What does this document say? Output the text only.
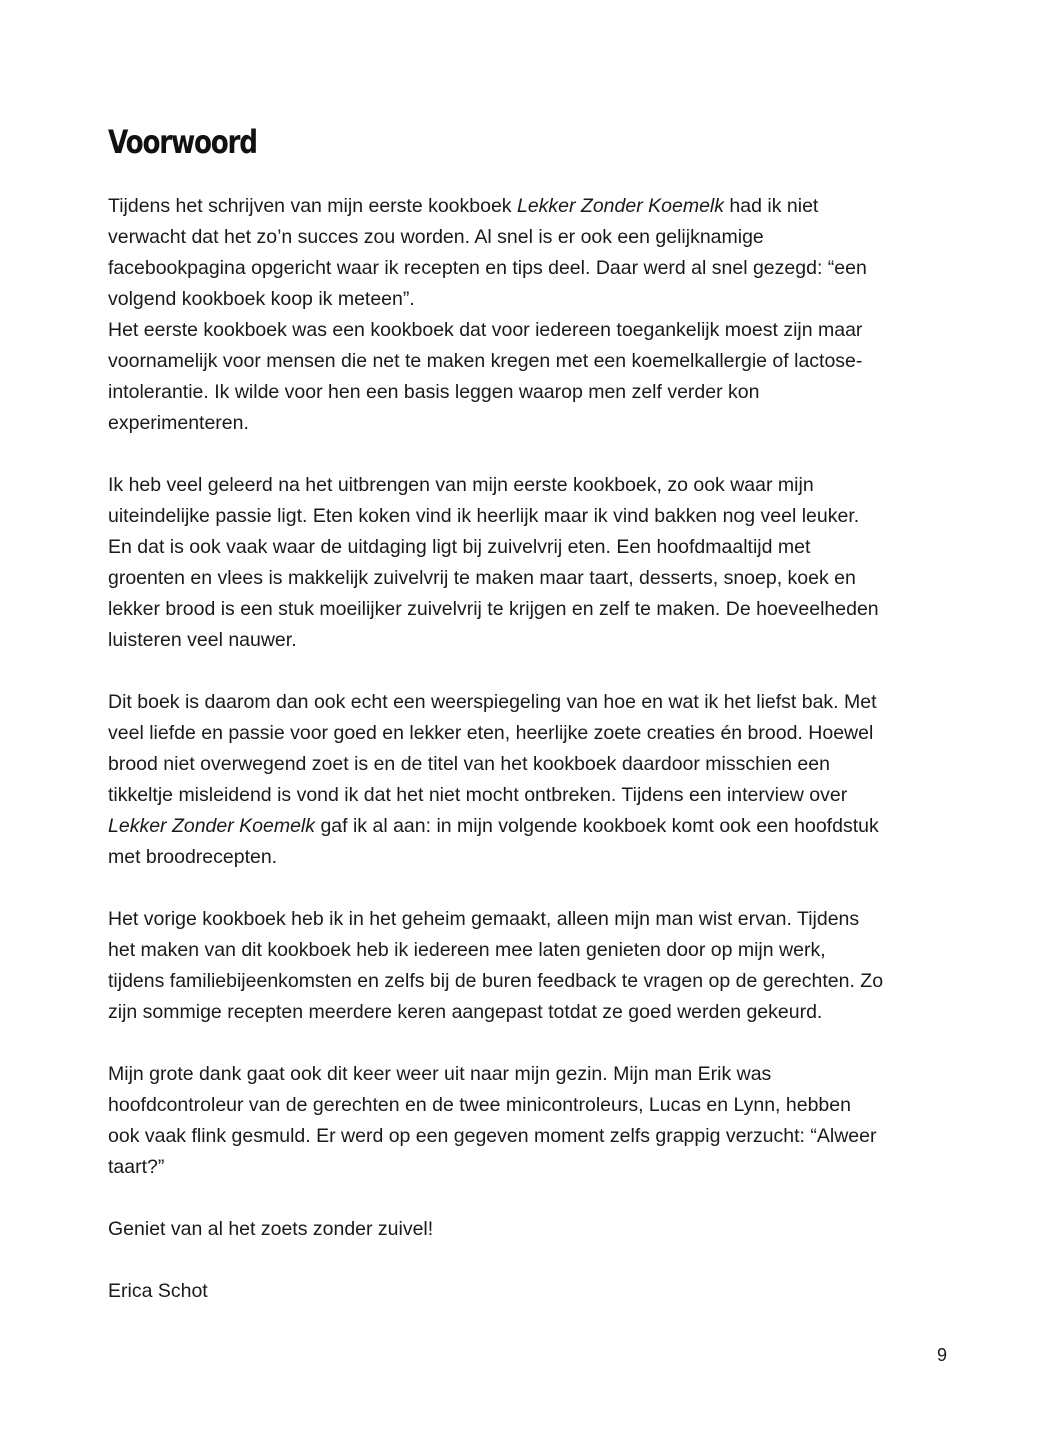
Voorwoord
Tijdens het schrijven van mijn eerste kookboek Lekker Zonder Koemelk had ik niet
verwacht dat het zo’n succes zou worden. Al snel is er ook een gelijknamige
facebookpagina opgericht waar ik recepten en tips deel. Daar werd al snel gezegd: “een
volgend kookboek koop ik meteen”.
Het eerste kookboek was een kookboek dat voor iedereen toegankelijk moest zijn maar
voornamelijk voor mensen die net te maken kregen met een koemelkallergie of lactose-
intolerantie. Ik wilde voor hen een basis leggen waarop men zelf verder kon
experimenteren.
Ik heb veel geleerd na het uitbrengen van mijn eerste kookboek, zo ook waar mijn
uiteindelijke passie ligt. Eten koken vind ik heerlijk maar ik vind bakken nog veel leuker.
En dat is ook vaak waar de uitdaging ligt bij zuivelvrij eten. Een hoofdmaaltijd met
groenten en vlees is makkelijk zuivelvrij te maken maar taart, desserts, snoep, koek en
lekker brood is een stuk moeilijker zuivelvrij te krijgen en zelf te maken. De hoeveelheden
luisteren veel nauwer.
Dit boek is daarom dan ook echt een weerspiegeling van hoe en wat ik het liefst bak. Met
veel liefde en passie voor goed en lekker eten, heerlijke zoete creaties én brood. Hoewel
brood niet overwegend zoet is en de titel van het kookboek daardoor misschien een
tikkeltje misleidend is vond ik dat het niet mocht ontbreken. Tijdens een interview over
Lekker Zonder Koemelk gaf ik al aan: in mijn volgende kookboek komt ook een hoofdstuk
met broodrecepten.
Het vorige kookboek heb ik in het geheim gemaakt, alleen mijn man wist ervan. Tijdens
het maken van dit kookboek heb ik iedereen mee laten genieten door op mijn werk,
tijdens familiebijeenkomsten en zelfs bij de buren feedback te vragen op de gerechten. Zo
zijn sommige recepten meerdere keren aangepast totdat ze goed werden gekeurd.
Mijn grote dank gaat ook dit keer weer uit naar mijn gezin. Mijn man Erik was
hoofdcontroleur van de gerechten en de twee minicontroleurs, Lucas en Lynn, hebben
ook vaak flink gesmuld. Er werd op een gegeven moment zelfs grappig verzucht: “Alweer
taart?”
Geniet van al het zoets zonder zuivel!
Erica Schot
9
